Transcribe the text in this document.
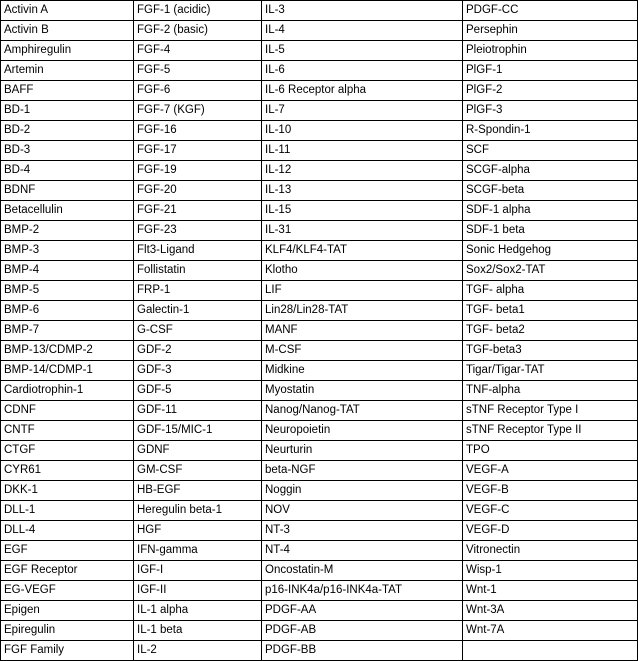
Activin A	FGF-1 (acidic)	IL-3	PDGF-CC
Activin B	FGF-2 (basic)	IL-4	Persephin
Amphiregulin	FGF-4	IL-5	Pleiotrophin
Artemin	FGF-5	IL-6	PlGF-1
BAFF	FGF-6	IL-6 Receptor alpha	PlGF-2
BD-1	FGF-7 (KGF)	IL-7	PlGF-3
BD-2	FGF-16	IL-10	R-Spondin-1
BD-3	FGF-17	IL-11	SCF
BD-4	FGF-19	IL-12	SCGF-alpha
BDNF	FGF-20	IL-13	SCGF-beta
Betacellulin	FGF-21	IL-15	SDF-1 alpha
BMP-2	FGF-23	IL-31	SDF-1 beta
BMP-3	Flt3-Ligand	KLF4/KLF4-TAT	Sonic Hedgehog
BMP-4	Follistatin	Klotho	Sox2/Sox2-TAT
BMP-5	FRP-1	LIF	TGF- alpha
BMP-6	Galectin-1	Lin28/Lin28-TAT	TGF- beta1
BMP-7	G-CSF	MANF	TGF- beta2
BMP-13/CDMP-2	GDF-2	M-CSF	TGF-beta3
BMP-14/CDMP-1	GDF-3	Midkine	Tigar/Tigar-TAT
Cardiotrophin-1	GDF-5	Myostatin	TNF-alpha
CDNF	GDF-11	Nanog/Nanog-TAT	sTNF Receptor Type I
CNTF	GDF-15/MIC-1	Neuropoietin	sTNF Receptor Type II
CTGF	GDNF	Neurturin	TPO
CYR61	GM-CSF	beta-NGF	VEGF-A
DKK-1	HB-EGF	Noggin	VEGF-B
DLL-1	Heregulin beta-1	NOV	VEGF-C
DLL-4	HGF	NT-3	VEGF-D
EGF	IFN-gamma	NT-4	Vitronectin
EGF Receptor	IGF-I	Oncostatin-M	Wisp-1
EG-VEGF	IGF-II	p16-INK4a/p16-INK4a-TAT	Wnt-1
Epigen	IL-1 alpha	PDGF-AA	Wnt-3A
Epiregulin	IL-1 beta	PDGF-AB	Wnt-7A
FGF Family	IL-2	PDGF-BB	
